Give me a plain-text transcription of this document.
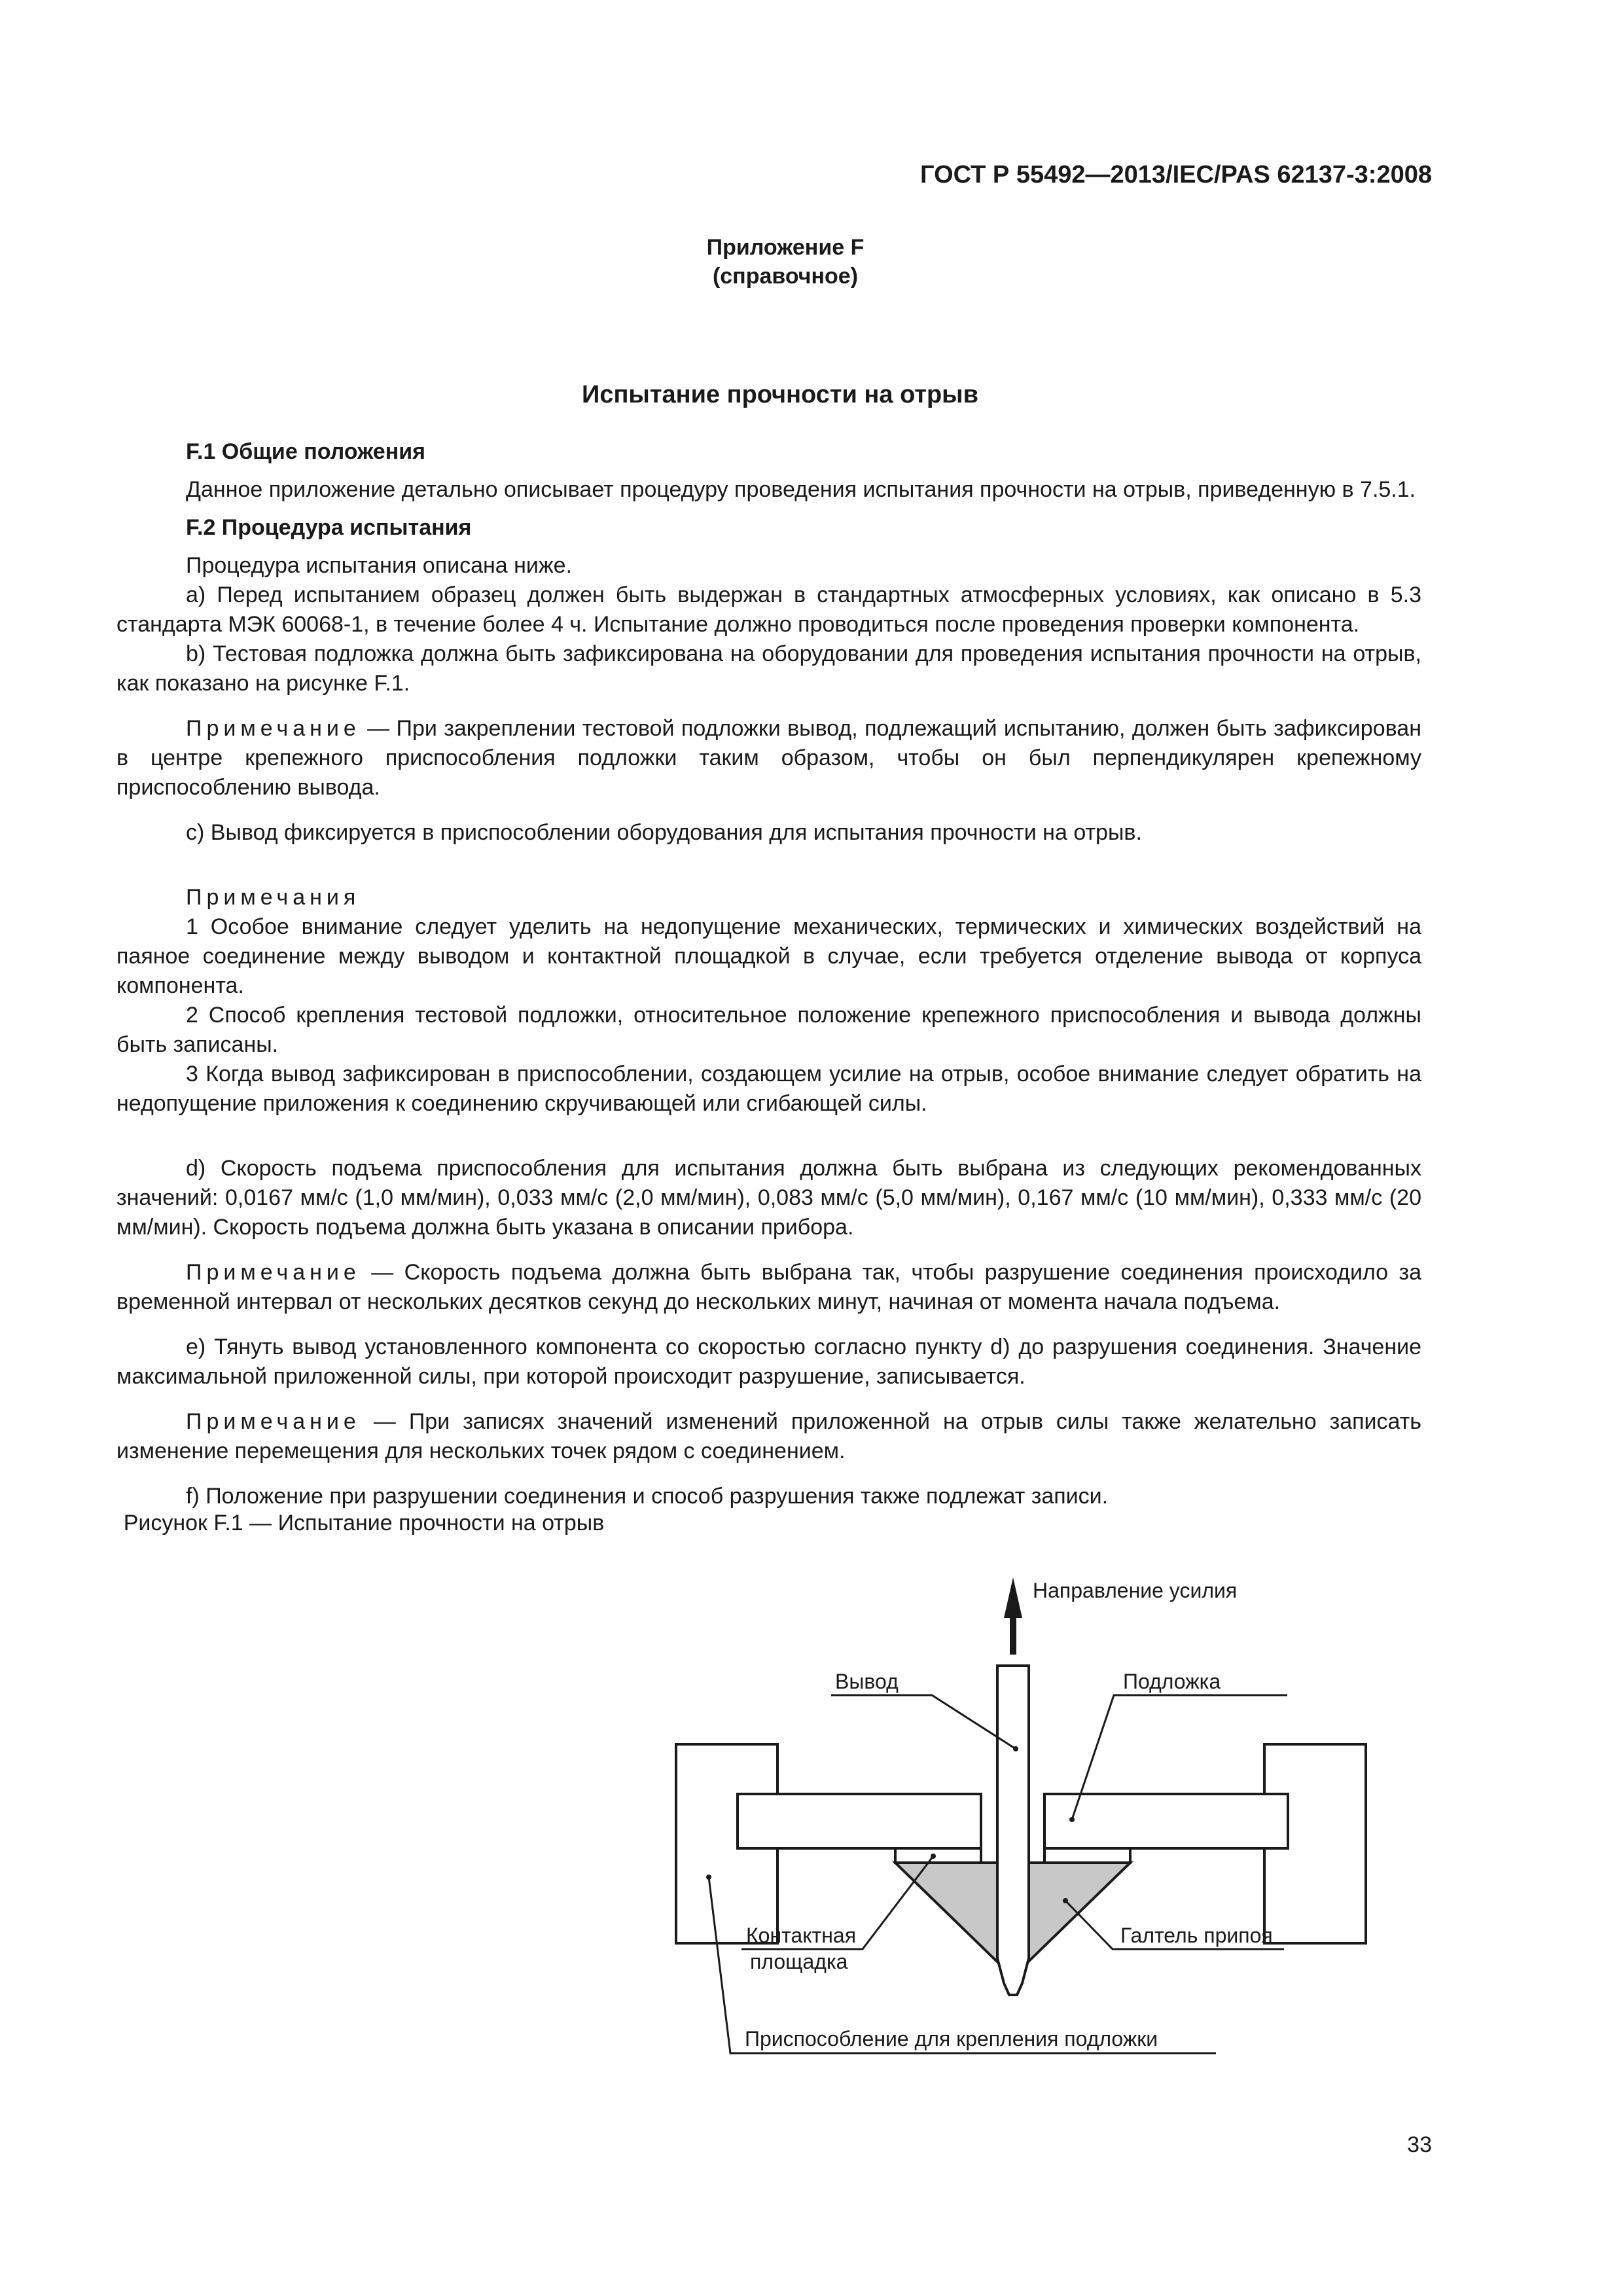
ГОСТ Р 55492—2013/IEC/PAS 62137-3:2008
Приложение F
(справочное)
Испытание прочности на отрыв

F.1 Общие положения

Данное приложение детально описывает процедуру проведения испытания прочности на отрыв, приведенную в 7.5.1.

F.2 Процедура испытания

Процедура испытания описана ниже.

a) Перед испытанием образец должен быть выдержан в стандартных атмосферных условиях, как описано в 5.3 стандарта МЭК 60068-1, в течение более 4 ч. Испытание должно проводиться после проведения проверки компонента.

b) Тестовая подложка должна быть зафиксирована на оборудовании для проведения испытания прочности на отрыв, как показано на рисунке F.1.

Примечание — При закреплении тестовой подложки вывод, подлежащий испытанию, должен быть зафиксирован в центре крепежного приспособления подложки таким образом, чтобы он был перпендикулярен крепежному приспособлению вывода.

c) Вывод фиксируется в приспособлении оборудования для испытания прочности на отрыв.

Примечания

1 Особое внимание следует уделить на недопущение механических, термических и химических воздействий на паяное соединение между выводом и контактной площадкой в случае, если требуется отделение вывода от корпуса компонента.

2 Способ крепления тестовой подложки, относительное положение крепежного приспособления и вывода должны быть записаны.

3 Когда вывод зафиксирован в приспособлении, создающем усилие на отрыв, особое внимание следует обратить на недопущение приложения к соединению скручивающей или сгибающей силы.

d) Скорость подъема приспособления для испытания должна быть выбрана из следующих рекомендованных значений: 0,0167 мм/с (1,0 мм/мин), 0,033 мм/с (2,0 мм/мин), 0,083 мм/с (5,0 мм/мин), 0,167 мм/с (10 мм/мин), 0,333 мм/с (20 мм/мин). Скорость подъема должна быть указана в описании прибора.

Примечание — Скорость подъема должна быть выбрана так, чтобы разрушение соединения происходило за временной интервал от нескольких десятков секунд до нескольких минут, начиная от момента начала подъема.

e) Тянуть вывод установленного компонента со скоростью согласно пункту d) до разрушения соединения. Значение максимальной приложенной силы, при которой происходит разрушение, записывается.

Примечание — При записях значений изменений приложенной на отрыв силы также желательно записать изменение перемещения для нескольких точек рядом с соединением.

f) Положение при разрушении соединения и способ разрушения также подлежат записи.

Направление усилия
Вывод	Подложка
Контактная
площадка
Галтель припоя
Приспособление для крепления подложки
Рисунок F.1 — Испытание прочности на отрыв
33
